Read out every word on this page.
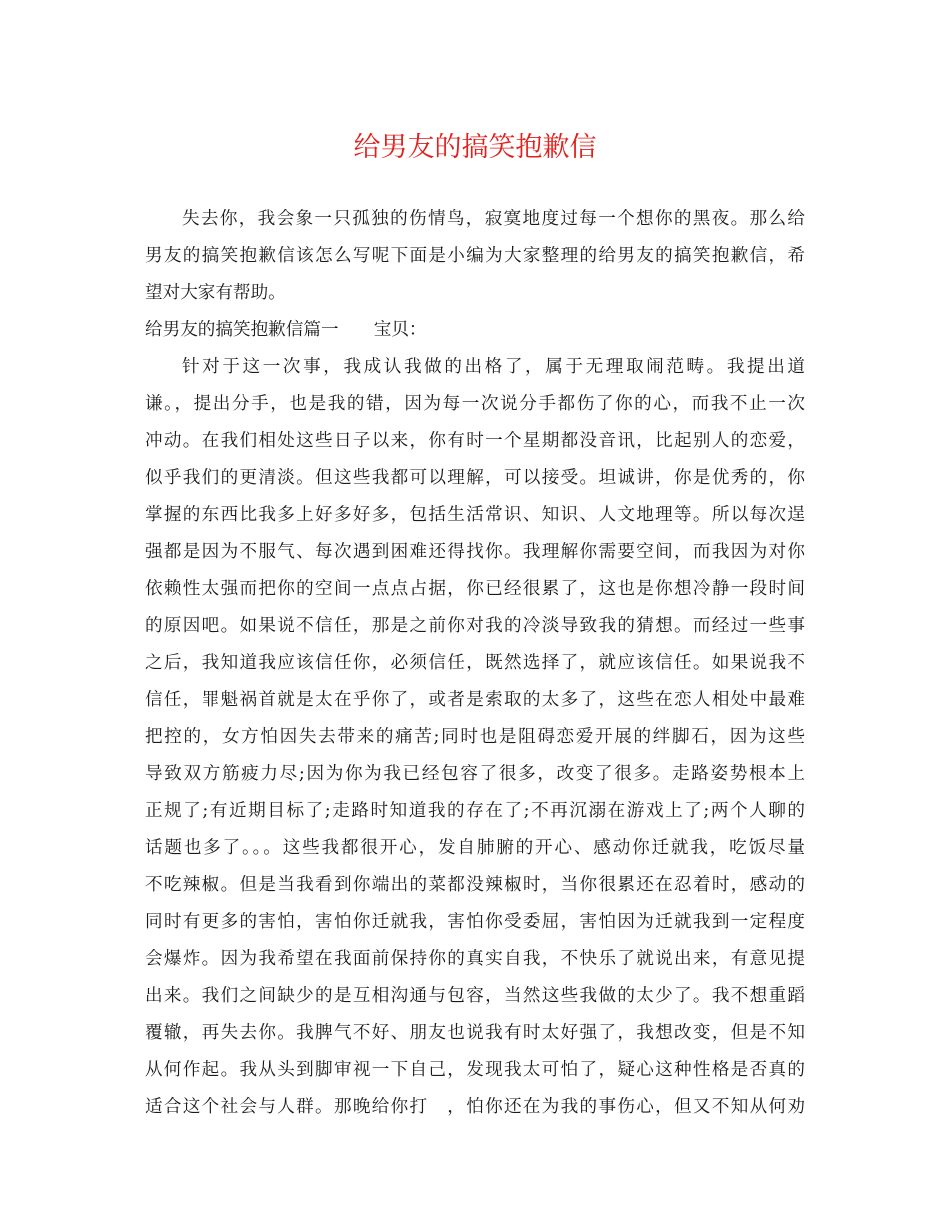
给男友的搞笑抱歉信
失去你，我会象一只孤独的伤情鸟，寂寞地度过每一个想你的黑夜。那么给
男友的搞笑抱歉信该怎么写呢下面是小编为大家整理的给男友的搞笑抱歉信，希
望对大家有帮助。
给男友的搞笑抱歉信篇一　　宝贝：
针对于这一次事，我成认我做的出格了，属于无理取闹范畴。我提出道
谦。，提出分手，也是我的错，因为每一次说分手都伤了你的心，而我不止一次
冲动。在我们相处这些日子以来，你有时一个星期都没音讯，比起别人的恋爱，
似乎我们的更清淡。但这些我都可以理解，可以接受。坦诚讲，你是优秀的，你
掌握的东西比我多上好多好多，包括生活常识、知识、人文地理等。所以每次逞
强都是因为不服气、每次遇到困难还得找你。我理解你需要空间，而我因为对你
依赖性太强而把你的空间一点点占据，你已经很累了，这也是你想冷静一段时间
的原因吧。如果说不信任，那是之前你对我的冷淡导致我的猜想。而经过一些事
之后，我知道我应该信任你，必须信任，既然选择了，就应该信任。如果说我不
信任，罪魁祸首就是太在乎你了，或者是索取的太多了，这些在恋人相处中最难
把控的，女方怕因失去带来的痛苦;同时也是阻碍恋爱开展的绊脚石，因为这些
导致双方筋疲力尽;因为你为我已经包容了很多，改变了很多。走路姿势根本上
正规了;有近期目标了;走路时知道我的存在了;不再沉溺在游戏上了;两个人聊的
话题也多了。。。这些我都很开心，发自肺腑的开心、感动你迁就我，吃饭尽量
不吃辣椒。但是当我看到你端出的菜都没辣椒时，当你很累还在忍着时，感动的
同时有更多的害怕，害怕你迁就我，害怕你受委屈，害怕因为迁就我到一定程度
会爆炸。因为我希望在我面前保持你的真实自我，不快乐了就说出来，有意见提
出来。我们之间缺少的是互相沟通与包容，当然这些我做的太少了。我不想重蹈
覆辙，再失去你。我脾气不好、朋友也说我有时太好强了，我想改变，但是不知
从何作起。我从头到脚审视一下自己，发现我太可怕了，疑心这种性格是否真的
适合这个社会与人群。那晚给你打　，怕你还在为我的事伤心，但又不知从何劝
